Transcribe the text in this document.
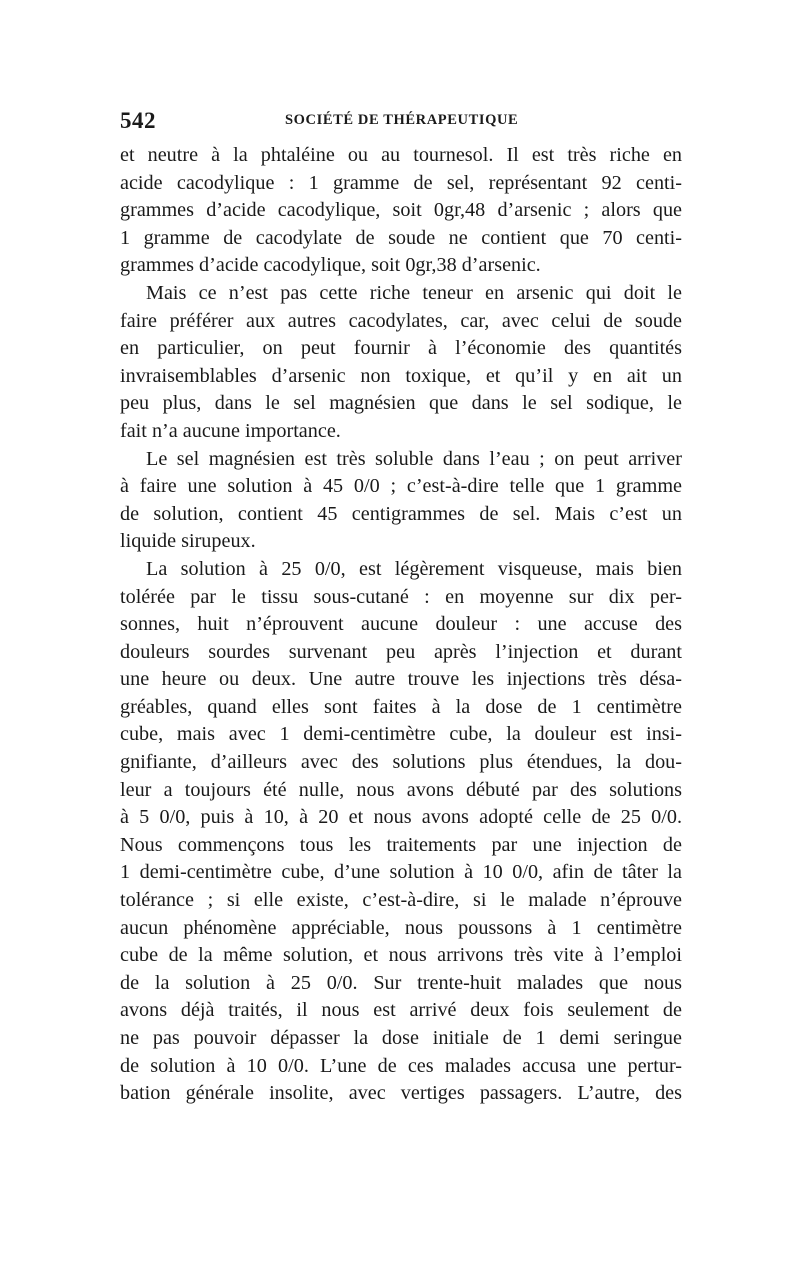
542	SOCIÉTÉ DE THÉRAPEUTIQUE
et neutre à la phtaléine ou au tournesol. Il est très riche en
acide cacodylique : 1 gramme de sel, représentant 92 centi-
grammes d’acide cacodylique, soit 0gr,48 d’arsenic ; alors que
1 gramme de cacodylate de soude ne contient que 70 centi-
grammes d’acide cacodylique, soit 0gr,38 d’arsenic.
Mais ce n’est pas cette riche teneur en arsenic qui doit le
faire préférer aux autres cacodylates, car, avec celui de soude
en particulier, on peut fournir à l’économie des quantités
invraisemblables d’arsenic non toxique, et qu’il y en ait un
peu plus, dans le sel magnésien que dans le sel sodique, le
fait n’a aucune importance.
Le sel magnésien est très soluble dans l’eau ; on peut arriver
à faire une solution à 45 0/0 ; c’est-à-dire telle que 1 gramme
de solution, contient 45 centigrammes de sel. Mais c’est un
liquide sirupeux.
La solution à 25 0/0, est légèrement visqueuse, mais bien
tolérée par le tissu sous-cutané : en moyenne sur dix per-
sonnes, huit n’éprouvent aucune douleur : une accuse des
douleurs sourdes survenant peu après l’injection et durant
une heure ou deux. Une autre trouve les injections très désa-
gréables, quand elles sont faites à la dose de 1 centimètre
cube, mais avec 1 demi-centimètre cube, la douleur est insi-
gnifiante, d’ailleurs avec des solutions plus étendues, la dou-
leur a toujours été nulle, nous avons débuté par des solutions
à 5 0/0, puis à 10, à 20 et nous avons adopté celle de 25 0/0.
Nous commençons tous les traitements par une injection de
1 demi-centimètre cube, d’une solution à 10 0/0, afin de tâter la
tolérance ; si elle existe, c’est-à-dire, si le malade n’éprouve
aucun phénomène appréciable, nous poussons à 1 centimètre
cube de la même solution, et nous arrivons très vite à l’emploi
de la solution à 25 0/0. Sur trente-huit malades que nous
avons déjà traités, il nous est arrivé deux fois seulement de
ne pas pouvoir dépasser la dose initiale de 1 demi seringue
de solution à 10 0/0. L’une de ces malades accusa une pertur-
bation générale insolite, avec vertiges passagers. L’autre, des
